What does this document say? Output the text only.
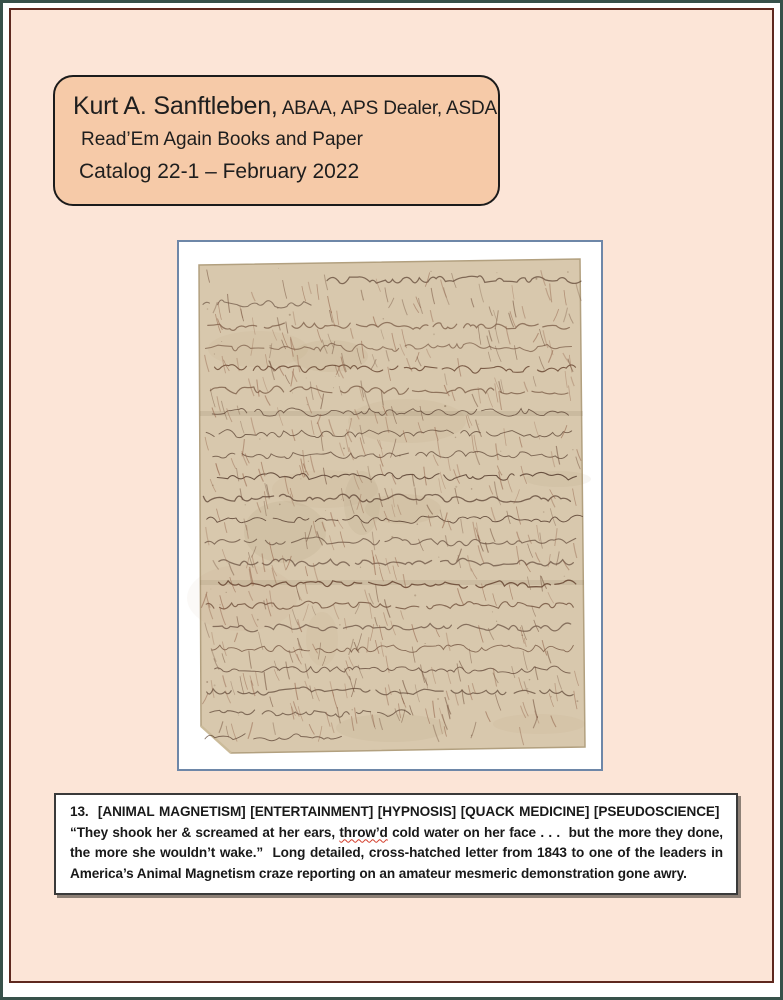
Kurt A. Sanftleben, ABAA, APS Dealer, ASDA
Read’Em Again Books and Paper
Catalog 22-1 – February 2022

13.  [ANIMAL MAGNETISM] [ENTERTAINMENT] [HYPNOSIS] [QUACK MEDICINE] [PSEUDOSCIENCE]  “They shook her & screamed at her ears, throw’d cold water on her face . . .  but the more they done, the more she wouldn’t wake.”  Long detailed, cross-hatched letter from 1843 to one of the leaders in America’s Animal Magnetism craze reporting on an amateur mesmeric demonstration gone awry.
